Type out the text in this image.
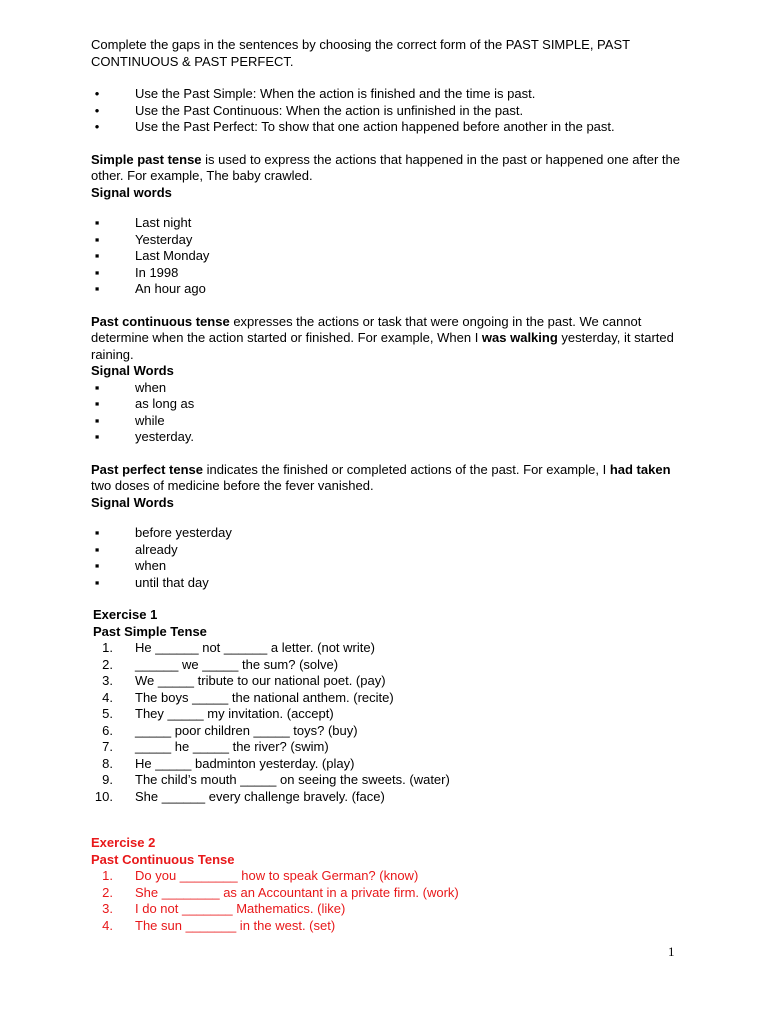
Complete the gaps in the sentences by choosing the correct form of the PAST SIMPLE, PAST CONTINUOUS & PAST PERFECT.

•
Use the Past Simple: When the action is finished and the time is past.
•
Use the Past Continuous: When the action is unfinished in the past.
•
Use the Past Perfect: To show that one action happened before another in the past.

Simple past tense is used to express the actions that happened in the past or happened one after the other. For example, The baby crawled.

Signal words

▪
Last night
▪
Yesterday
▪
Last Monday
▪
In 1998
▪
An hour ago

Past continuous tense expresses the actions or task that were ongoing in the past. We cannot determine when the action started or finished. For example, When I was walking yesterday, it started raining.

Signal Words

▪
when
▪
as long as
▪
while
▪
yesterday.

Past perfect tense indicates the finished or completed actions of the past. For example, I had taken two doses of medicine before the fever vanished.

Signal Words

▪
before yesterday
▪
already
▪
when
▪
until that day

Exercise 1

Past Simple Tense

1. He ______ not ______ a letter. (not write)
2. ______ we _____ the sum? (solve)
3. We _____ tribute to our national poet. (pay)
4. The boys _____ the national anthem. (recite)
5. They _____ my invitation. (accept)
6. _____ poor children _____ toys? (buy)
7. _____ he _____ the river? (swim)
8. He _____ badminton yesterday. (play)
9. The child’s mouth _____ on seeing the sweets. (water)
10. She ______ every challenge bravely. (face)

Exercise 2

Past Continuous Tense

1. Do you ________ how to speak German? (know)
2. She ________ as an Accountant in a private firm. (work)
3. I do not _______ Mathematics. (like)
4. The sun _______ in the west. (set)
1
